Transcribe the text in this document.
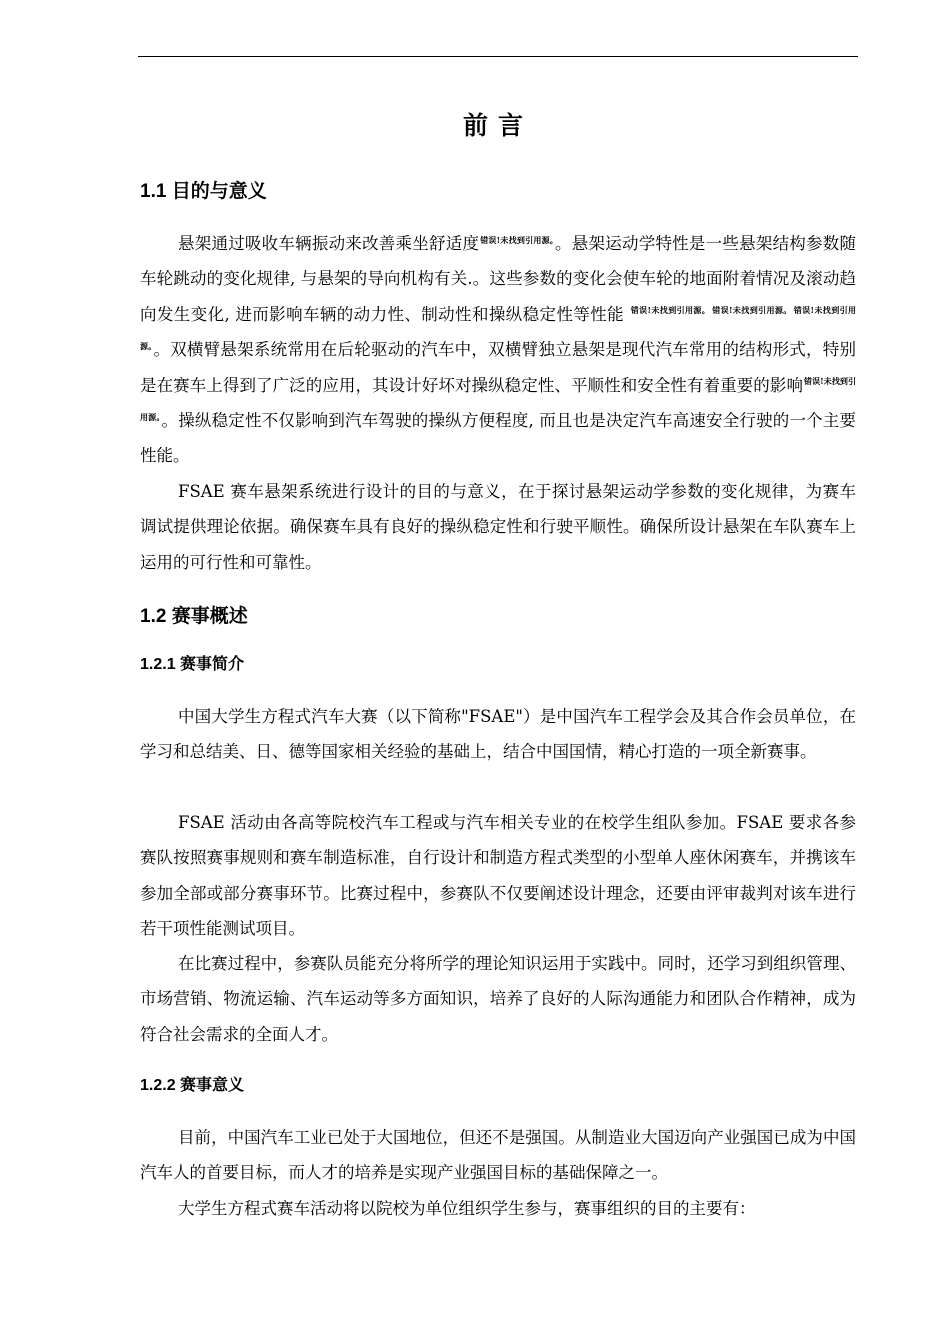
前言
1.1 目的与意义

悬架通过吸收车辆振动来改善乘坐舒适度$^{错误!未找到引用源。}$。悬架运动学特性是一些悬架结构参数随车轮跳动的变化规律, 与悬架的导向机构有关.。这些参数的变化会使车轮的地面附着情况及滚动趋向发生变化, 进而影响车辆的动力性、制动性和操纵稳定性等性能 $^{错误!未找到引用源。}$ $^{错误!未找到引用源。}$ $^{错误!未找到引用源。}$。双横臂悬架系统常用在后轮驱动的汽车中，双横臂独立悬架是现代汽车常用的结构形式，特别是在赛车上得到了广泛的应用，其设计好坏对操纵稳定性、平顺性和安全性有着重要的影响$^{错误!未找到引用源。}$。操纵稳定性不仅影响到汽车驾驶的操纵方便程度, 而且也是决定汽车高速安全行驶的一个主要性能。

FSAE 赛车悬架系统进行设计的目的与意义，在于探讨悬架运动学参数的变化规律，为赛车调试提供理论依据。确保赛车具有良好的操纵稳定性和行驶平顺性。确保所设计悬架在车队赛车上运用的可行性和可靠性。

1.2 赛事概述
1.2.1 赛事简介

中国大学生方程式汽车大赛（以下简称"FSAE"）是中国汽车工程学会及其合作会员单位，在学习和总结美、日、德等国家相关经验的基础上，结合中国国情，精心打造的一项全新赛事。

FSAE 活动由各高等院校汽车工程或与汽车相关专业的在校学生组队参加。FSAE 要求各参赛队按照赛事规则和赛车制造标准，自行设计和制造方程式类型的小型单人座休闲赛车，并携该车参加全部或部分赛事环节。比赛过程中，参赛队不仅要阐述设计理念，还要由评审裁判对该车进行若干项性能测试项目。

在比赛过程中，参赛队员能充分将所学的理论知识运用于实践中。同时，还学习到组织管理、市场营销、物流运输、汽车运动等多方面知识，培养了良好的人际沟通能力和团队合作精神，成为符合社会需求的全面人才。

1.2.2 赛事意义

目前，中国汽车工业已处于大国地位，但还不是强国。从制造业大国迈向产业强国已成为中国汽车人的首要目标，而人才的培养是实现产业强国目标的基础保障之一。

大学生方程式赛车活动将以院校为单位组织学生参与，赛事组织的目的主要有：
